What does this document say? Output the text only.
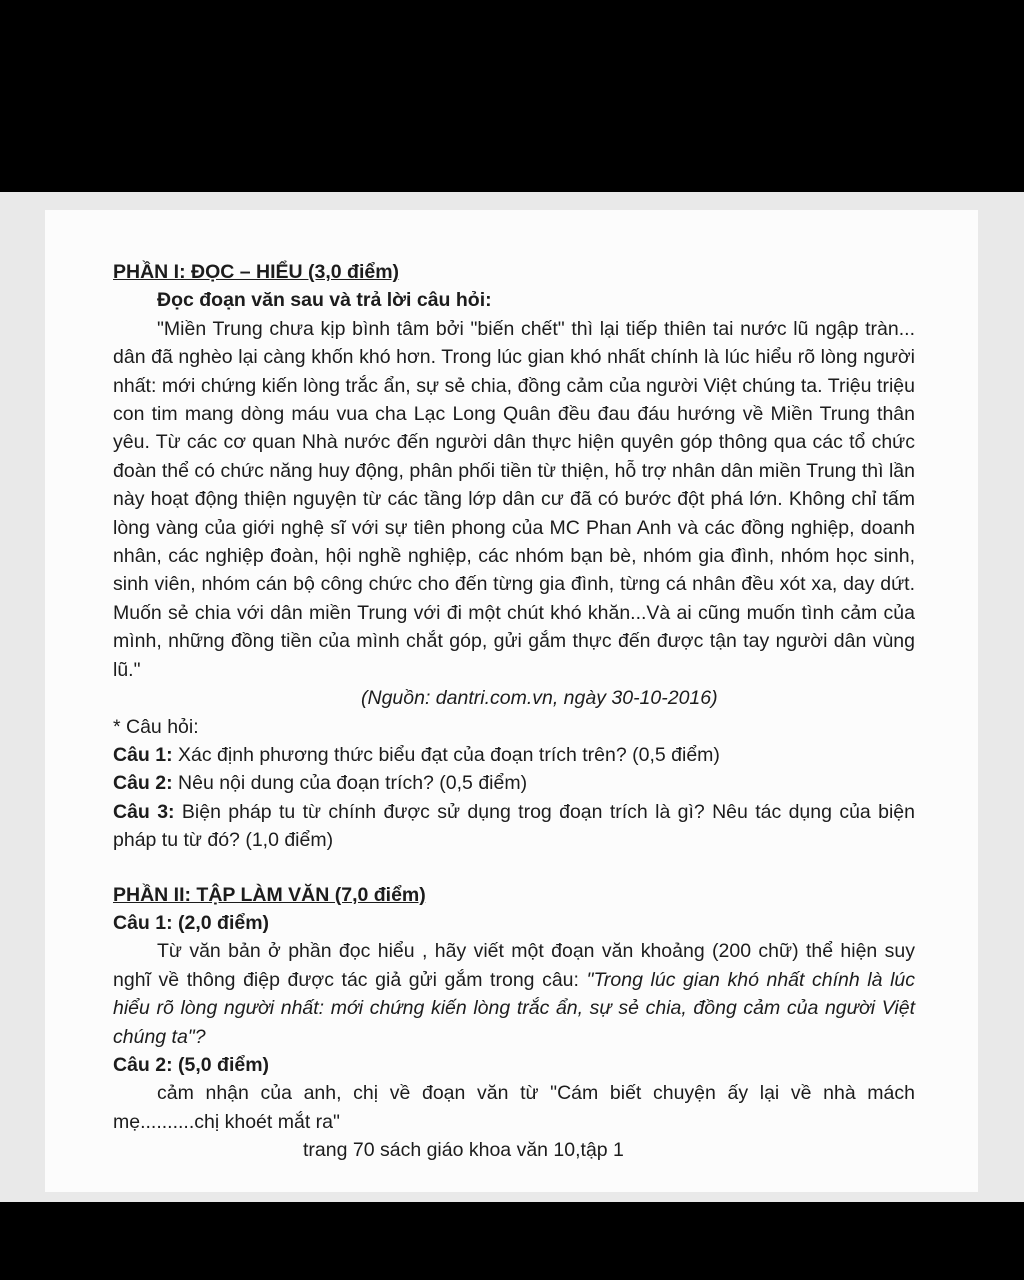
PHẦN I: ĐỌC – HIỂU (3,0 điểm)

Đọc đoạn văn sau và trả lời câu hỏi:

"Miền Trung chưa kịp bình tâm bởi "biến chết" thì lại tiếp thiên tai nước lũ ngập tràn... dân đã nghèo lại càng khốn khó hơn. Trong lúc gian khó nhất chính là lúc hiểu rõ lòng người nhất: mới chứng kiến lòng trắc ẩn, sự sẻ chia, đồng cảm của người Việt chúng ta. Triệu triệu con tim mang dòng máu vua cha Lạc Long Quân đều đau đáu hướng về Miền Trung thân yêu. Từ các cơ quan Nhà nước đến người dân thực hiện quyên góp thông qua các tổ chức đoàn thể có chức năng huy động, phân phối tiền từ thiện, hỗ trợ nhân dân miền Trung thì lần này hoạt động thiện nguyện từ các tầng lớp dân cư đã có bước đột phá lớn. Không chỉ tấm lòng vàng của giới nghệ sĩ với sự tiên phong của MC Phan Anh và các đồng nghiệp, doanh nhân, các nghiệp đoàn, hội nghề nghiệp, các nhóm bạn bè, nhóm gia đình, nhóm học sinh, sinh viên, nhóm cán bộ công chức cho đến từng gia đình, từng cá nhân đều xót xa, day dứt. Muốn sẻ chia với dân miền Trung với đi một chút khó khăn...Và ai cũng muốn tình cảm của mình, những đồng tiền của mình chắt góp, gửi gắm thực đến được tận tay người dân vùng lũ."

(Nguồn: dantri.com.vn, ngày 30-10-2016)

* Câu hỏi:

Câu 1: Xác định phương thức biểu đạt của đoạn trích trên? (0,5 điểm)

Câu 2: Nêu nội dung của đoạn trích? (0,5 điểm)

Câu 3: Biện pháp tu từ chính được sử dụng trog đoạn trích là gì? Nêu tác dụng của biện pháp tu từ đó? (1,0 điểm)

PHẦN II: TẬP LÀM VĂN (7,0 điểm)

Câu 1: (2,0 điểm)

Từ văn bản ở phần đọc hiểu , hãy viết một đoạn văn khoảng (200 chữ) thể hiện suy nghĩ về thông điệp được tác giả gửi gắm trong câu: "Trong lúc gian khó nhất chính là lúc hiểu rõ lòng người nhất: mới chứng kiến lòng trắc ẩn, sự sẻ chia, đồng cảm của người Việt chúng ta"?

Câu 2: (5,0 điểm)

cảm nhận của anh, chị về đoạn văn từ "Cám biết chuyện ấy lại về nhà mách mẹ..........chị khoét mắt ra"

trang 70 sách giáo khoa văn 10,tập 1
